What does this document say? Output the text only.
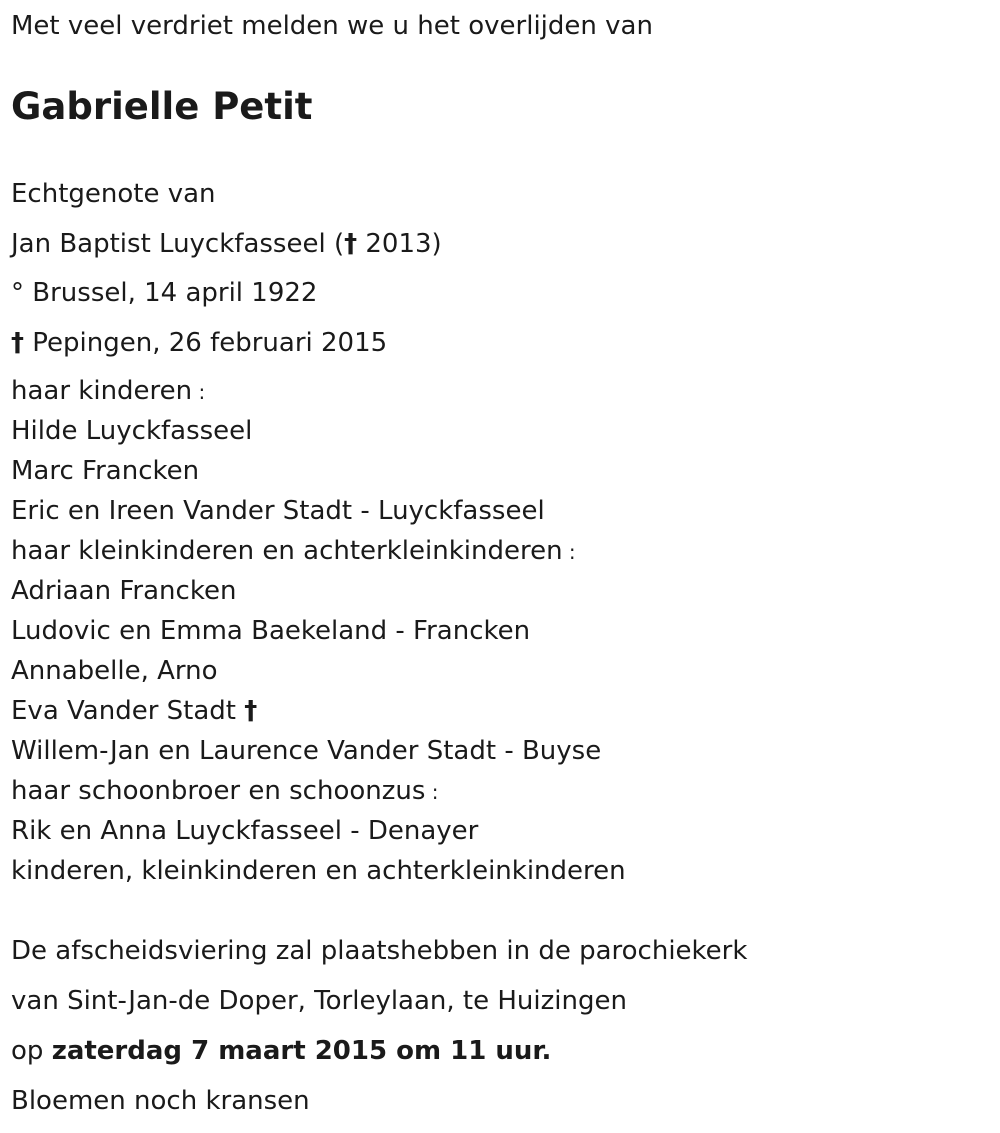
Met veel verdriet melden we u het overlijden van
Gabrielle Petit
Echtgenote van
Jan Baptist Luyckfasseel († 2013)
° Brussel, 14 april 1922
† Pepingen, 26 februari 2015
haar kinderen :
Hilde Luyckfasseel
Marc Francken
Eric en Ireen Vander Stadt - Luyckfasseel
haar kleinkinderen en achterkleinkinderen :
Adriaan Francken
Ludovic en Emma Baekeland - Francken
Annabelle, Arno
Eva Vander Stadt †
Willem-Jan en Laurence Vander Stadt - Buyse
haar schoonbroer en schoonzus :
Rik en Anna Luyckfasseel - Denayer
kinderen, kleinkinderen en achterkleinkinderen
De afscheidsviering zal plaatshebben in de parochiekerk
van Sint-Jan-de Doper, Torleylaan, te Huizingen
op zaterdag 7 maart 2015 om 11 uur.
Bloemen noch kransen
